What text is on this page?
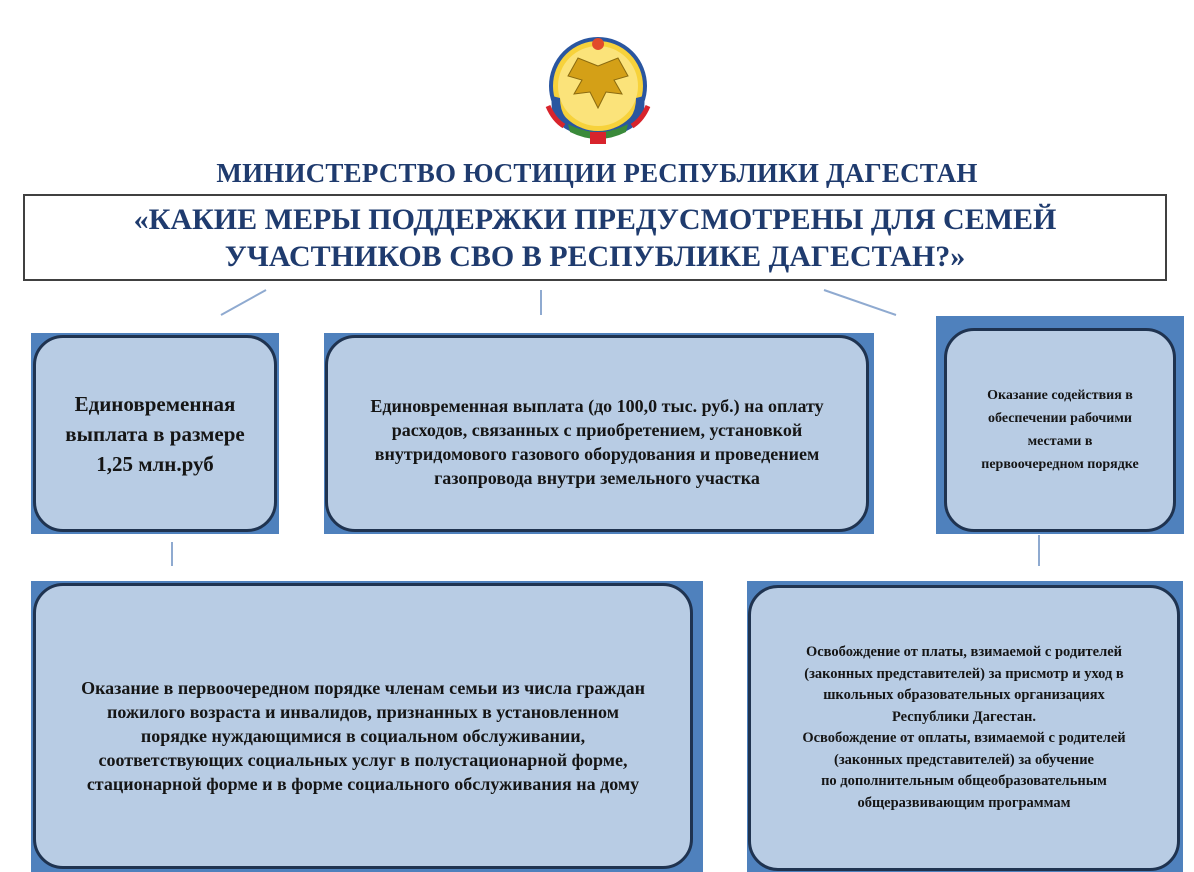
МИНИСТЕРСТВО ЮСТИЦИИ РЕСПУБЛИКИ ДАГЕСТАН
«КАКИЕ МЕРЫ ПОДДЕРЖКИ ПРЕДУСМОТРЕНЫ ДЛЯ СЕМЕЙ
УЧАСТНИКОВ СВО В РЕСПУБЛИКЕ ДАГЕСТАН?»
Единовременная
выплата в размере
1,25 млн.руб
Единовременная выплата (до 100,0 тыс. руб.) на оплату
расходов, связанных с приобретением, установкой
внутридомового газового оборудования и проведением
газопровода внутри земельного участка
Оказание содействия в
обеспечении рабочими
местами в
первоочередном порядке
Оказание в первоочередном порядке членам семьи из числа граждан
пожилого возраста и инвалидов, признанных в установленном
порядке нуждающимися в социальном обслуживании,
соответствующих социальных услуг в полустационарной форме,
стационарной форме и в форме социального обслуживания на дому
Освобождение от платы, взимаемой с родителей
(законных представителей) за присмотр и уход в
школьных образовательных организациях
Республики Дагестан.
Освобождение от оплаты, взимаемой с родителей
(законных представителей) за обучение
по дополнительным общеобразовательным
общеразвивающим программам
